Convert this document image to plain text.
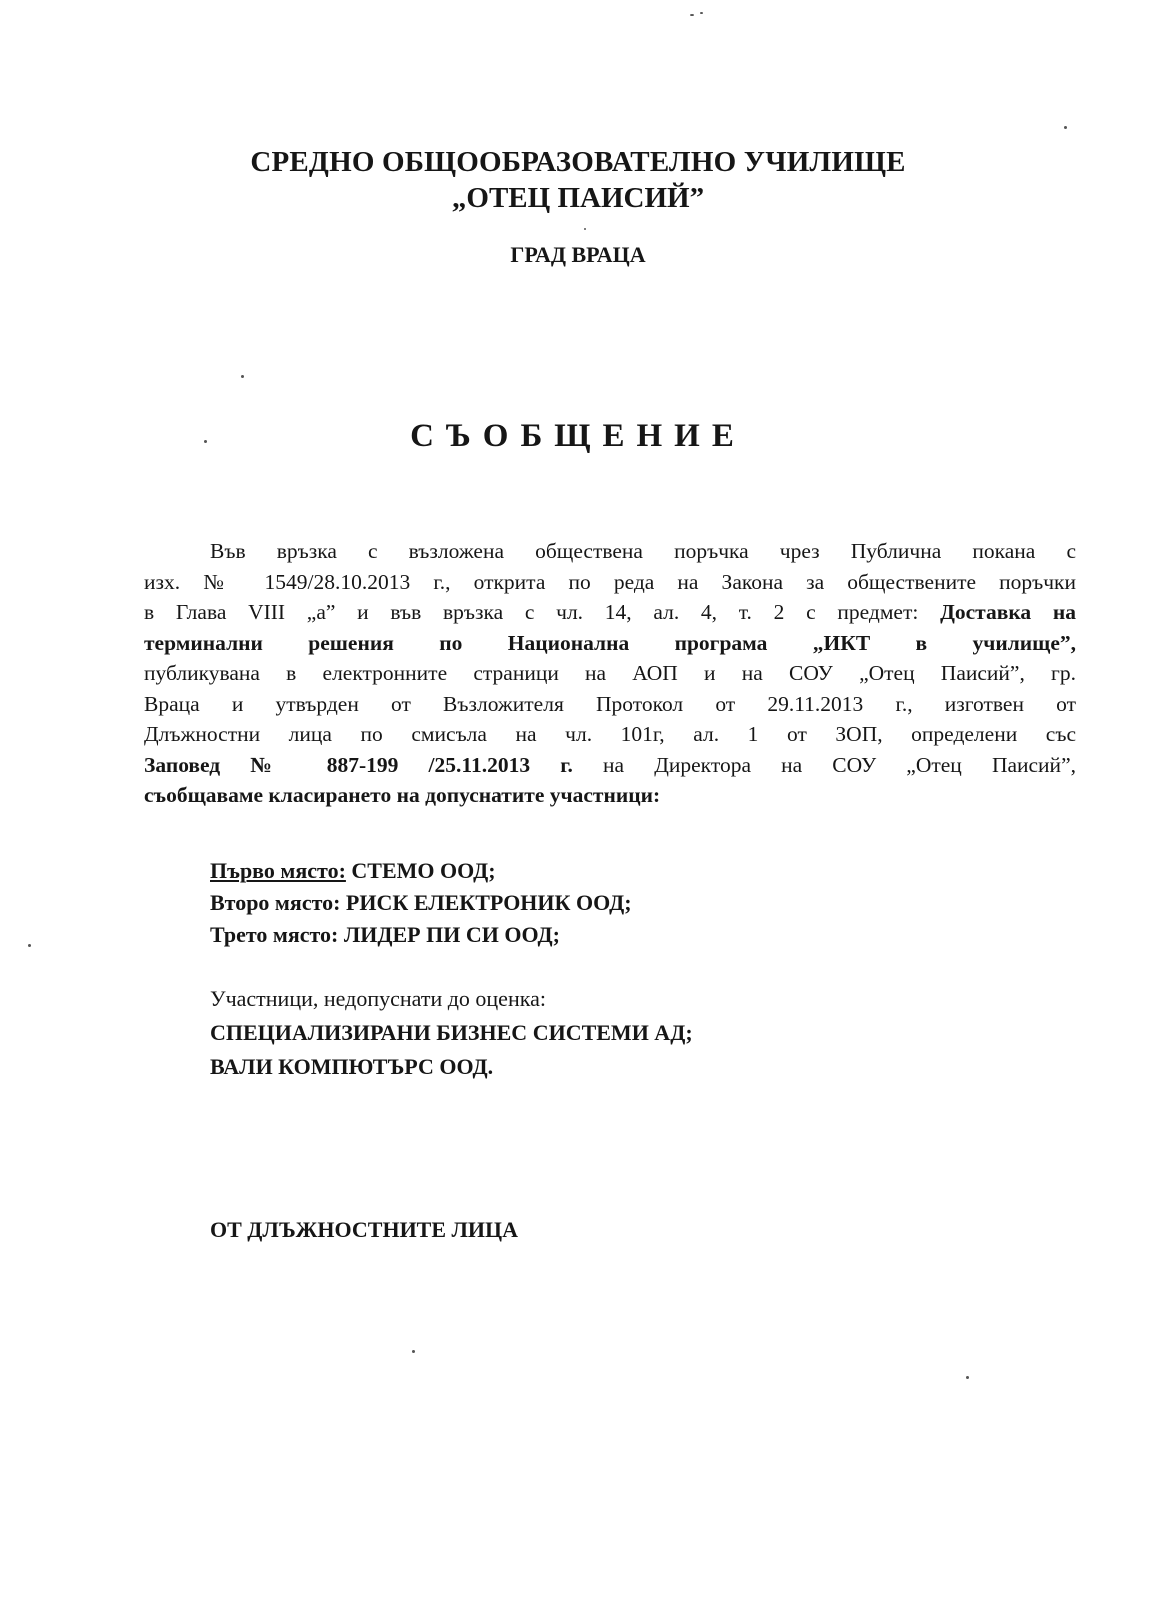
СРЕДНО ОБЩООБРАЗОВАТЕЛНО УЧИЛИЩЕ
„ОТЕЦ ПАИСИЙ”
ГРАД ВРАЦА
СЪОБЩЕНИЕ
Във връзка с възложена обществена поръчка чрез Публична покана с
изх. № 1549/28.10.2013 г., открита по реда на Закона за обществените поръчки
в Глава VIII „а” и във връзка с чл. 14, ал. 4, т. 2 с предмет: Доставка на
терминални решения по Национална програма „ИКТ в училище”,
публикувана в електронните страници на АОП и на СОУ „Отец Паисий”, гр.
Враца и утвърден от Възложителя Протокол от 29.11.2013 г., изготвен от
Длъжностни лица по смисъла на чл. 101г, ал. 1 от ЗОП, определени със
Заповед № 887-199 /25.11.2013 г. на Директора на СОУ „Отец Паисий”,
съобщаваме класирането на допуснатите участници:
Първо място: СТЕМО ООД;
Второ място: РИСК ЕЛЕКТРОНИК ООД;
Трето място: ЛИДЕР ПИ СИ ООД;
Участници, недопуснати до оценка:
СПЕЦИАЛИЗИРАНИ БИЗНЕС СИСТЕМИ АД;
ВАЛИ КОМПЮТЪРС ООД.
ОТ ДЛЪЖНОСТНИТЕ ЛИЦА
